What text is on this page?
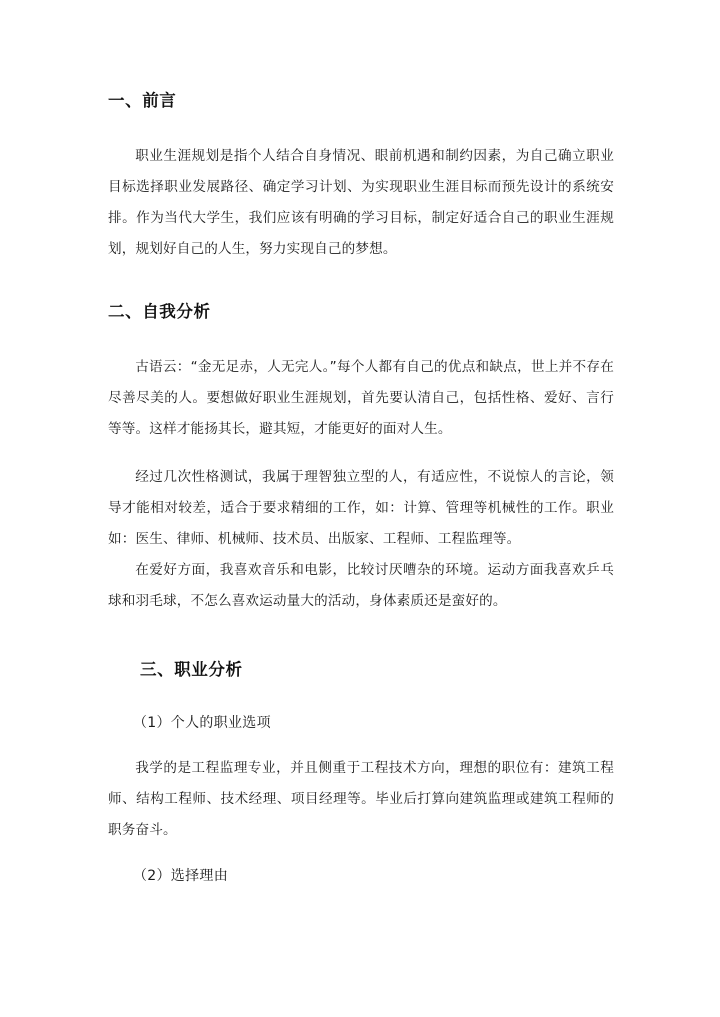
一、前言

职业生涯规划是指个人结合自身情况、眼前机遇和制约因素，为自己确立职业目标选择职业发展路径、确定学习计划、为实现职业生涯目标而预先设计的系统安排。作为当代大学生，我们应该有明确的学习目标，制定好适合自己的职业生涯规划，规划好自己的人生，努力实现自己的梦想。

二、自我分析

古语云：“金无足赤，人无完人。”每个人都有自己的优点和缺点，世上并不存在尽善尽美的人。要想做好职业生涯规划，首先要认清自己，包括性格、爱好、言行等等。这样才能扬其长，避其短，才能更好的面对人生。

经过几次性格测试，我属于理智独立型的人，有适应性，不说惊人的言论，领导才能相对较差，适合于要求精细的工作，如：计算、管理等机械性的工作。职业如：医生、律师、机械师、技术员、出版家、工程师、工程监理等。

在爱好方面，我喜欢音乐和电影，比较讨厌嘈杂的环境。运动方面我喜欢乒乓球和羽毛球，不怎么喜欢运动量大的活动，身体素质还是蛮好的。

三、职业分析
（1）个人的职业选项

我学的是工程监理专业，并且侧重于工程技术方向，理想的职位有：建筑工程师、结构工程师、技术经理、项目经理等。毕业后打算向建筑监理或建筑工程师的职务奋斗。

（2）选择理由
